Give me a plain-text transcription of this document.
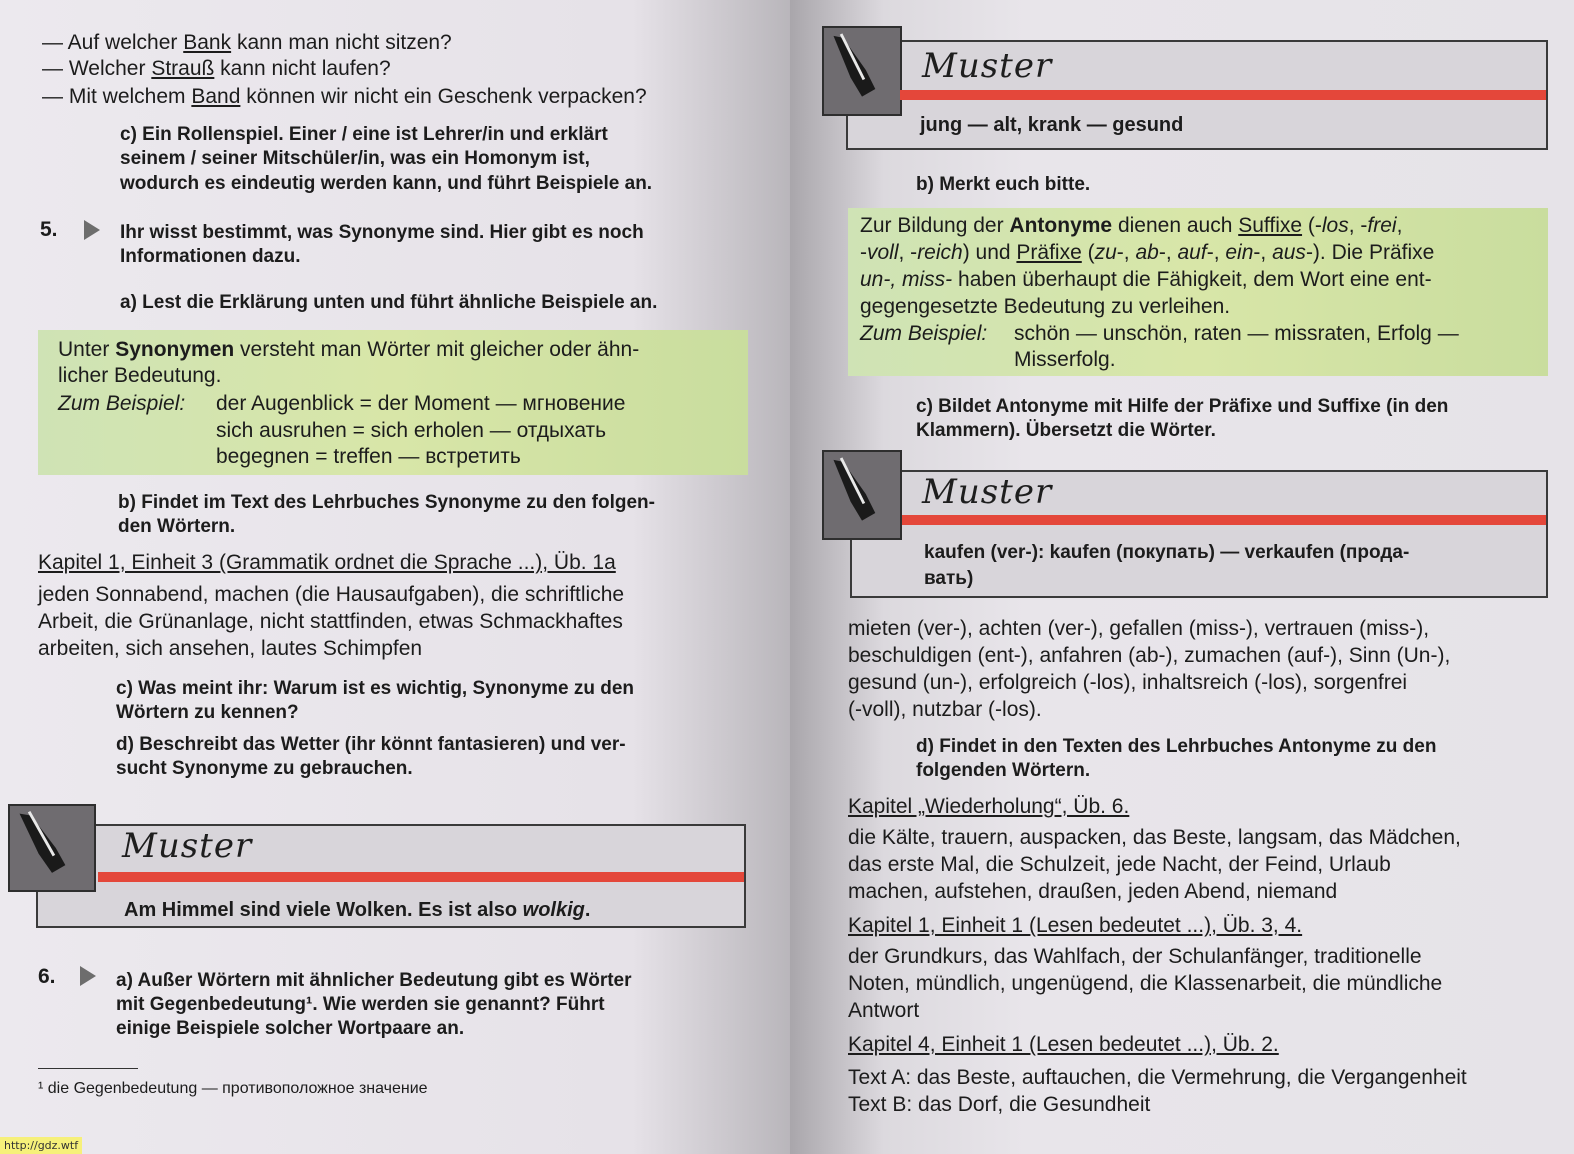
— Auf welcher Bank kann man nicht sitzen?
— Welcher Strauß kann nicht laufen?
— Mit welchem Band können wir nicht ein Geschenk verpacken?
c) Ein Rollenspiel. Einer / eine ist Lehrer/in und erklärt
seinem / seiner Mitschüler/in, was ein Homonym ist,
wodurch es eindeutig werden kann, und führt Beispiele an.
5.	Ihr wisst bestimmt, was Synonyme sind. Hier gibt es noch
Informationen dazu.
a) Lest die Erklärung unten und führt ähnliche Beispiele an.
Unter Synonymen versteht man Wörter mit gleicher oder ähn-
licher Bedeutung.
Zum Beispiel: der Augenblick = der Moment — мгновение
sich ausruhen = sich erholen — отдыхать
begegnen = treffen — встретить
b) Findet im Text des Lehrbuches Synonyme zu den folgen-
den Wörtern.
Kapitel 1, Einheit 3 (Grammatik ordnet die Sprache ...), Üb. 1a
jeden Sonnabend, machen (die Hausaufgaben), die schriftliche
Arbeit, die Grünanlage, nicht stattfinden, etwas Schmackhaftes
arbeiten, sich ansehen, lautes Schimpfen
c) Was meint ihr: Warum ist es wichtig, Synonyme zu den
Wörtern zu kennen?
d) Beschreibt das Wetter (ihr könnt fantasieren) und ver-
sucht Synonyme zu gebrauchen.
Muster
Am Himmel sind viele Wolken. Es ist also wolkig.
6.	a) Außer Wörtern mit ähnlicher Bedeutung gibt es Wörter
mit Gegenbedeutung¹. Wie werden sie genannt? Führt
einige Beispiele solcher Wortpaare an.
¹ die Gegenbedeutung — противоположное значение
Muster
jung — alt, krank — gesund
b) Merkt euch bitte.
Zur Bildung der Antonyme dienen auch Suffixe (-los, -frei,
-voll, -reich) und Präfixe (zu-, ab-, auf-, ein-, aus-). Die Präfixe
un-, miss- haben überhaupt die Fähigkeit, dem Wort eine ent-
gegengesetzte Bedeutung zu verleihen.
Zum Beispiel: schön — unschön, raten — missraten, Erfolg —
Misserfolg.
c) Bildet Antonyme mit Hilfe der Präfixe und Suffixe (in den
Klammern). Übersetzt die Wörter.
Muster
kaufen (ver-): kaufen (покупать) — verkaufen (прода-
вать)
mieten (ver-), achten (ver-), gefallen (miss-), vertrauen (miss-),
beschuldigen (ent-), anfahren (ab-), zumachen (auf-), Sinn (Un-),
gesund (un-), erfolgreich (-los), inhaltsreich (-los), sorgenfrei
(-voll), nutzbar (-los).
d) Findet in den Texten des Lehrbuches Antonyme zu den
folgenden Wörtern.
Kapitel „Wiederholung“, Üb. 6.
die Kälte, trauern, auspacken, das Beste, langsam, das Mädchen,
das erste Mal, die Schulzeit, jede Nacht, der Feind, Urlaub
machen, aufstehen, draußen, jeden Abend, niemand
Kapitel 1, Einheit 1 (Lesen bedeutet ...), Üb. 3, 4.
der Grundkurs, das Wahlfach, der Schulanfänger, traditionelle
Noten, mündlich, ungenügend, die Klassenarbeit, die mündliche
Antwort
Kapitel 4, Einheit 1 (Lesen bedeutet ...), Üb. 2.
Text A: das Beste, auftauchen, die Vermehrung, die Vergangenheit
Text B: das Dorf, die Gesundheit
http://gdz.wtf
